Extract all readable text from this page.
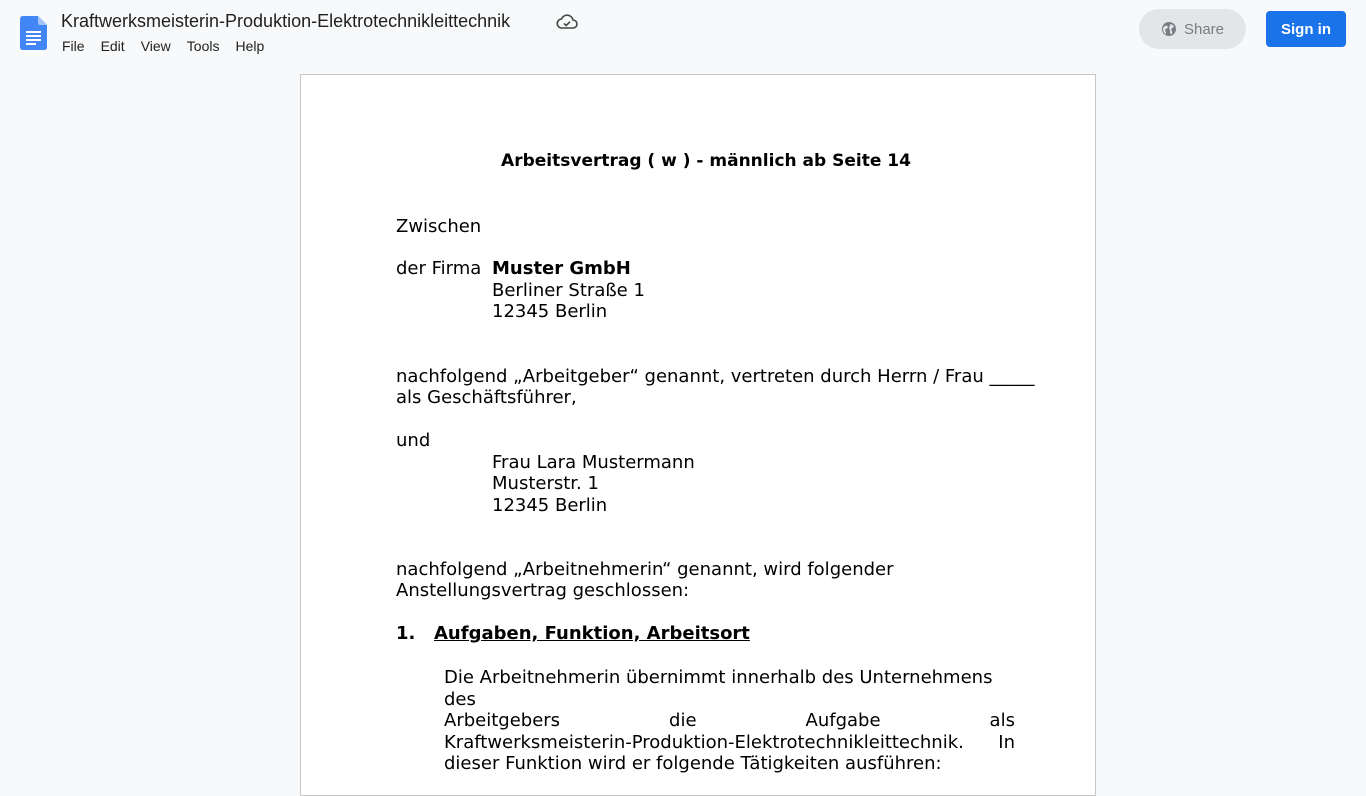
Kraftwerksmeisterin-Produktion-Elektrotechnikleittechnik
File	Edit	View	Tools	Help
Share	Sign in
Arbeitsvertrag ( w ) - männlich ab Seite 14
Zwischen
der Firma Muster GmbH
Berliner Straße 1
12345 Berlin
nachfolgend „Arbeitgeber“ genannt, vertreten durch Herrn / Frau _____
als Geschäftsführer,
und
Frau Lara Mustermann
Musterstr. 1
12345 Berlin
nachfolgend „Arbeitnehmerin“ genannt, wird folgender
Anstellungsvertrag geschlossen:
1. Aufgaben, Funktion, Arbeitsort
Die Arbeitnehmerin übernimmt innerhalb des Unternehmens des
Arbeitgebers	die	Aufgabe	als
Kraftwerksmeisterin-Produktion-Elektrotechnikleittechnik. In
dieser Funktion wird er folgende Tätigkeiten ausführen:
